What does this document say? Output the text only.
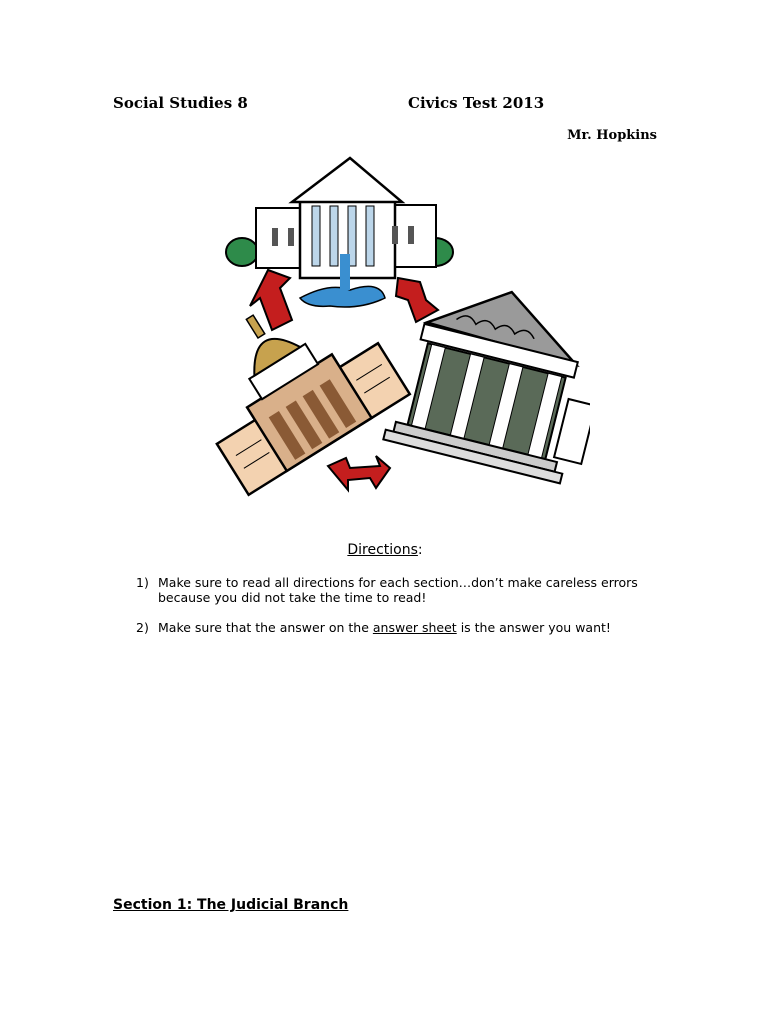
Social Studies 8	Civics Test 2013
Mr. Hopkins
Directions:
1) Make sure to read all directions for each section…don’t make careless errors
because you did not take the time to read!
2) Make sure that the answer on the answer sheet is the answer you want!
Section 1: The Judicial Branch
